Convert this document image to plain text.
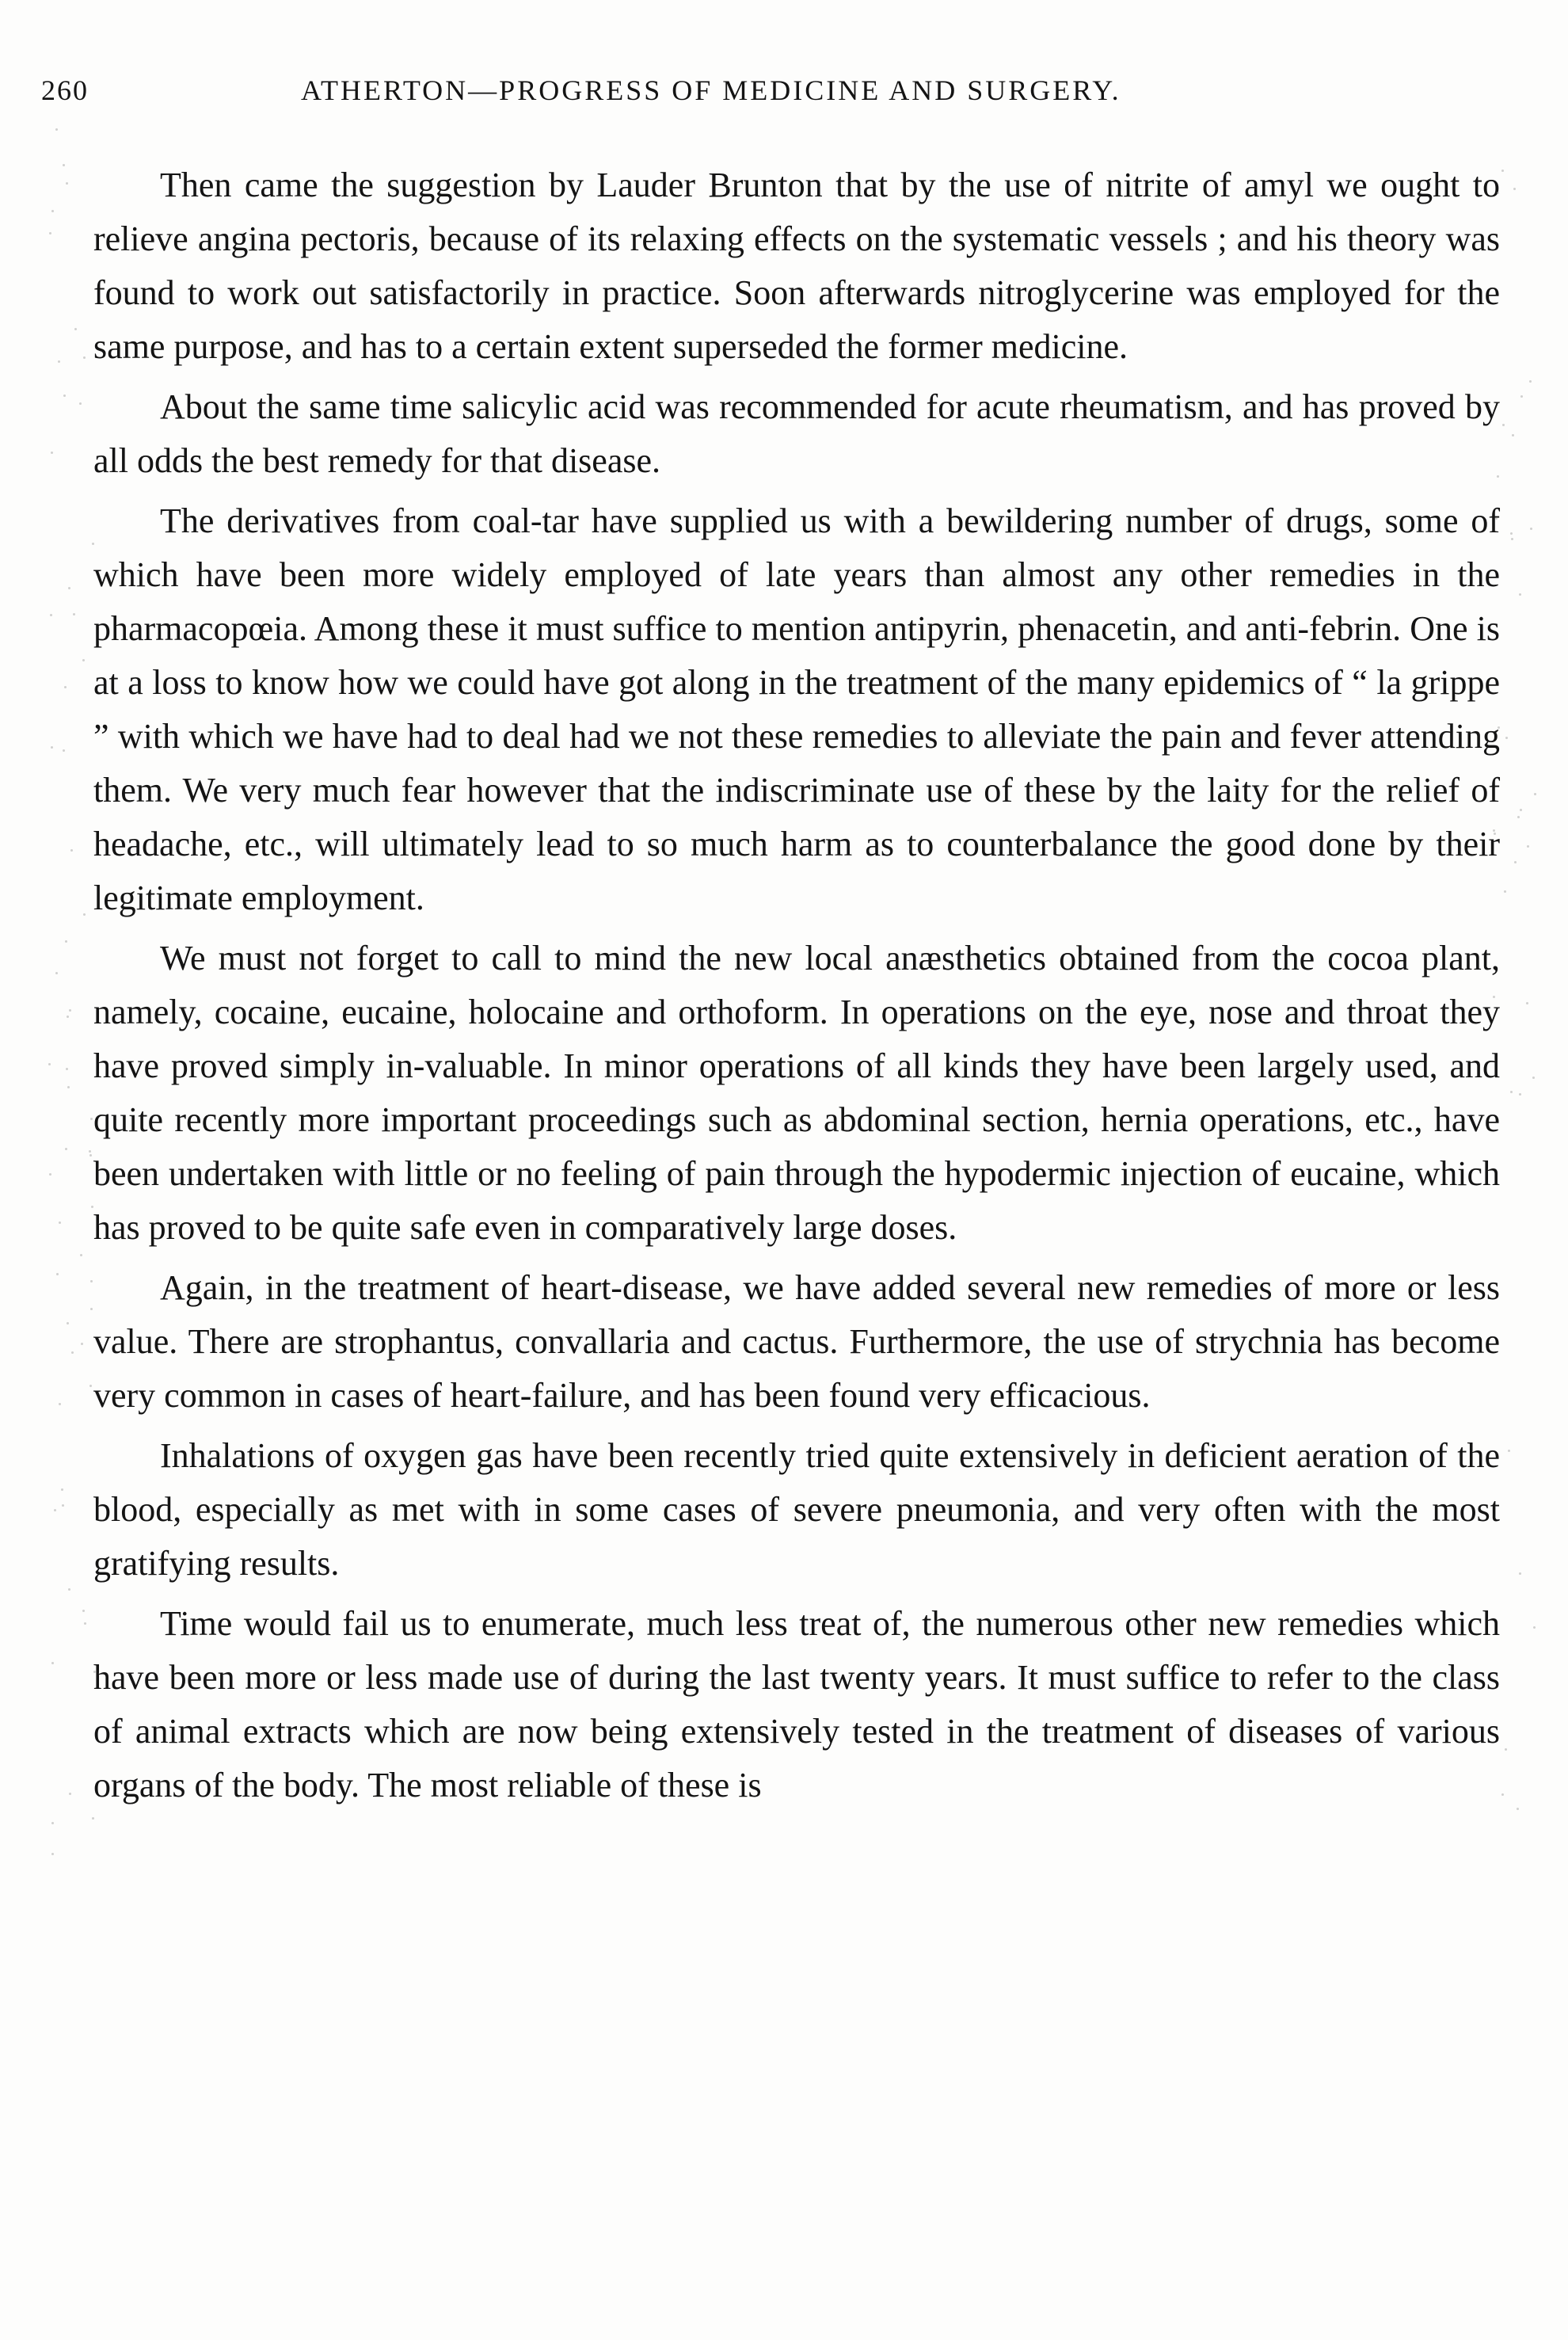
260	ATHERTON—PROGRESS OF MEDICINE AND SURGERY.

Then came the suggestion by Lauder Brunton that by the use of nitrite of amyl we ought to relieve angina pectoris, because of its relaxing effects on the systematic vessels ; and his theory was found to work out satisfactorily in practice. Soon afterwards nitroglycerine was employed for the same purpose, and has to a certain extent superseded the former medicine.

About the same time salicylic acid was recommended for acute rheumatism, and has proved by all odds the best remedy for that disease.

The derivatives from coal-tar have supplied us with a bewildering number of drugs, some of which have been more widely employed of late years than almost any other remedies in the pharmacopœia. Among these it must suffice to mention antipyrin, phenacetin, and anti-febrin. One is at a loss to know how we could have got along in the treatment of the many epidemics of “ la grippe ” with which we have had to deal had we not these remedies to alleviate the pain and fever attending them. We very much fear however that the indiscriminate use of these by the laity for the relief of headache, etc., will ultimately lead to so much harm as to counterbalance the good done by their legitimate employment.

We must not forget to call to mind the new local anæsthetics obtained from the cocoa plant, namely, cocaine, eucaine, holocaine and orthoform. In operations on the eye, nose and throat they have proved simply in-valuable. In minor operations of all kinds they have been largely used, and quite recently more important proceedings such as abdominal section, hernia operations, etc., have been undertaken with little or no feeling of pain through the hypodermic injection of eucaine, which has proved to be quite safe even in comparatively large doses.

Again, in the treatment of heart-disease, we have added several new remedies of more or less value. There are strophantus, convallaria and cactus. Furthermore, the use of strychnia has become very common in cases of heart-failure, and has been found very efficacious.

Inhalations of oxygen gas have been recently tried quite extensively in deficient aeration of the blood, especially as met with in some cases of severe pneumonia, and very often with the most gratifying results.

Time would fail us to enumerate, much less treat of, the numerous other new remedies which have been more or less made use of during the last twenty years. It must suffice to refer to the class of animal extracts which are now being extensively tested in the treatment of diseases of various organs of the body. The most reliable of these is
